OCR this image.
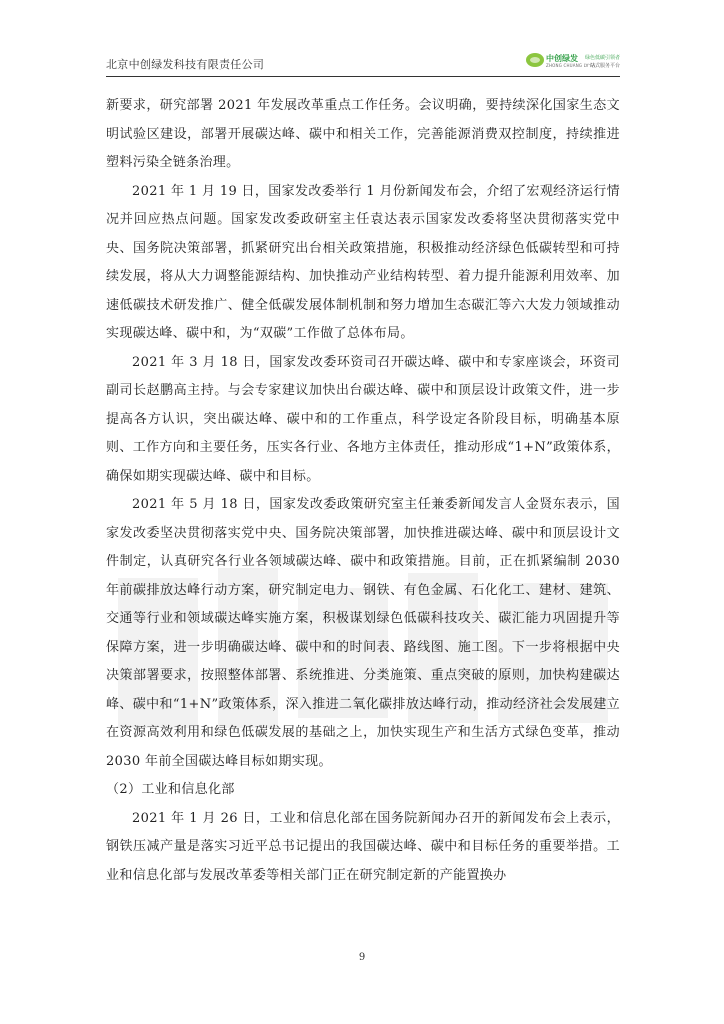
北京中创绿发科技有限责任公司	中创绿发
ZHONG CHUANG LV FA
绿色低碳引领者
一站式服务平台

新要求，研究部署 2021 年发展改革重点工作任务。会议明确，要持续深化国家生态文明试验区建设，部署开展碳达峰、碳中和相关工作，完善能源消费双控制度，持续推进塑料污染全链条治理。

2021 年 1 月 19 日，国家发改委举行 1 月份新闻发布会，介绍了宏观经济运行情况并回应热点问题。国家发改委政研室主任袁达表示国家发改委将坚决贯彻落实党中央、国务院决策部署，抓紧研究出台相关政策措施，积极推动经济绿色低碳转型和可持续发展，将从大力调整能源结构、加快推动产业结构转型、着力提升能源利用效率、加速低碳技术研发推广、健全低碳发展体制机制和努力增加生态碳汇等六大发力领域推动实现碳达峰、碳中和，为“双碳”工作做了总体布局。

2021 年 3 月 18 日，国家发改委环资司召开碳达峰、碳中和专家座谈会，环资司副司长赵鹏高主持。与会专家建议加快出台碳达峰、碳中和顶层设计政策文件，进一步提高各方认识，突出碳达峰、碳中和的工作重点，科学设定各阶段目标，明确基本原则、工作方向和主要任务，压实各行业、各地方主体责任，推动形成“1+N”政策体系，确保如期实现碳达峰、碳中和目标。

2021 年 5 月 18 日，国家发改委政策研究室主任兼委新闻发言人金贤东表示，国家发改委坚决贯彻落实党中央、国务院决策部署，加快推进碳达峰、碳中和顶层设计文件制定，认真研究各行业各领域碳达峰、碳中和政策措施。目前，正在抓紧编制 2030 年前碳排放达峰行动方案，研究制定电力、钢铁、有色金属、石化化工、建材、建筑、交通等行业和领域碳达峰实施方案，积极谋划绿色低碳科技攻关、碳汇能力巩固提升等保障方案，进一步明确碳达峰、碳中和的时间表、路线图、施工图。下一步将根据中央决策部署要求，按照整体部署、系统推进、分类施策、重点突破的原则，加快构建碳达峰、碳中和“1+N”政策体系，深入推进二氧化碳排放达峰行动，推动经济社会发展建立在资源高效利用和绿色低碳发展的基础之上，加快实现生产和生活方式绿色变革，推动 2030 年前全国碳达峰目标如期实现。

（2）工业和信息化部

2021 年 1 月 26 日，工业和信息化部在国务院新闻办召开的新闻发布会上表示，钢铁压减产量是落实习近平总书记提出的我国碳达峰、碳中和目标任务的重要举措。工业和信息化部与发展改革委等相关部门正在研究制定新的产能置换办

9
